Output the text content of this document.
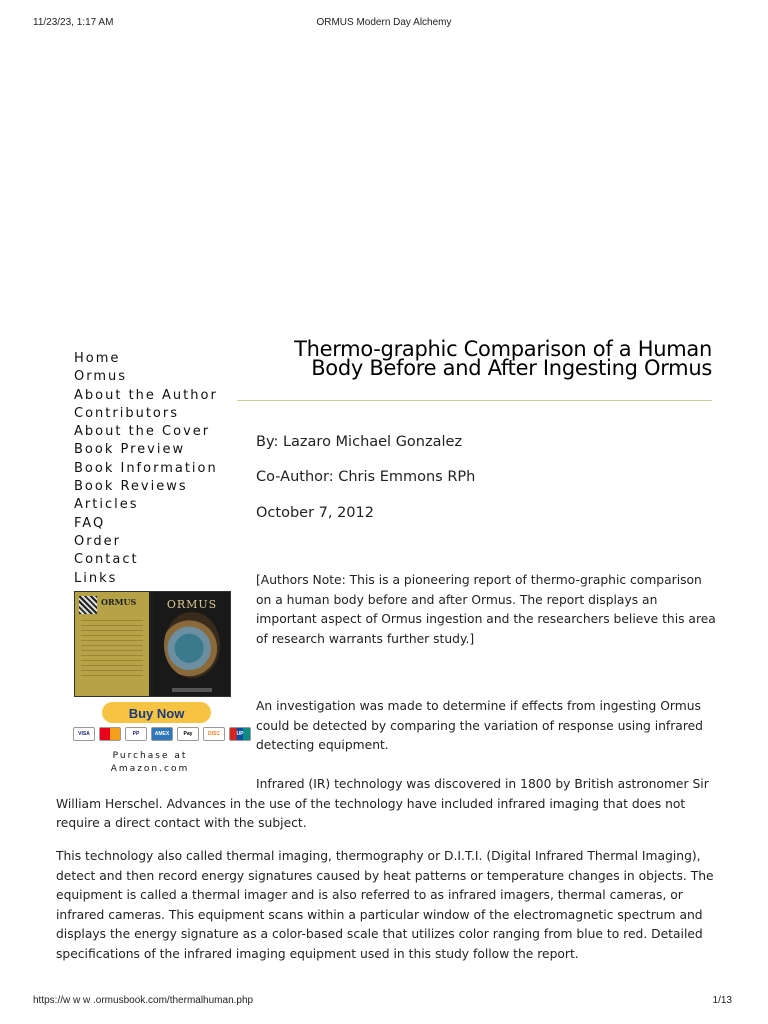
11/23/23, 1:17 AM	ORMUS Modern Day Alchemy
Home
Ormus
About the Author
Contributors
About the Cover
Book Preview
Book Information
Book Reviews
Articles
FAQ
Order
Contact
Links
ORMUS	ORMUS
Buy Now
VISA	PP	AMEX	Pay	DISC	UP
Purchase at
Amazon.com
Thermo-graphic Comparison of a Human Body Before and After Ingesting Ormus
By: Lazaro Michael Gonzalez
Co-Author: Chris Emmons RPh
October 7, 2012

[Authors Note: This is a pioneering report of thermo-graphic comparison on a human body before and after Ormus. The report displays an important aspect of Ormus ingestion and the researchers believe this area of research warrants further study.]

An investigation was made to determine if effects from ingesting Ormus could be detected by comparing the variation of response using infrared detecting equipment.

Infrared (IR) technology was discovered in 1800 by British astronomer Sir William Herschel. Advances in the use of the technology have included infrared imaging that does not require a direct contact with the subject.

This technology also called thermal imaging, thermography or D.I.T.I. (Digital Infrared Thermal Imaging), detect and then record energy signatures caused by heat patterns or temperature changes in objects. The equipment is called a thermal imager and is also referred to as infrared imagers, thermal cameras, or infrared cameras. This equipment scans within a particular window of the electromagnetic spectrum and displays the energy signature as a color-based scale that utilizes color ranging from blue to red. Detailed specifications of the infrared imaging equipment used in this study follow the report.

https://w w w .ormusbook.com/thermalhuman.php	1/13
